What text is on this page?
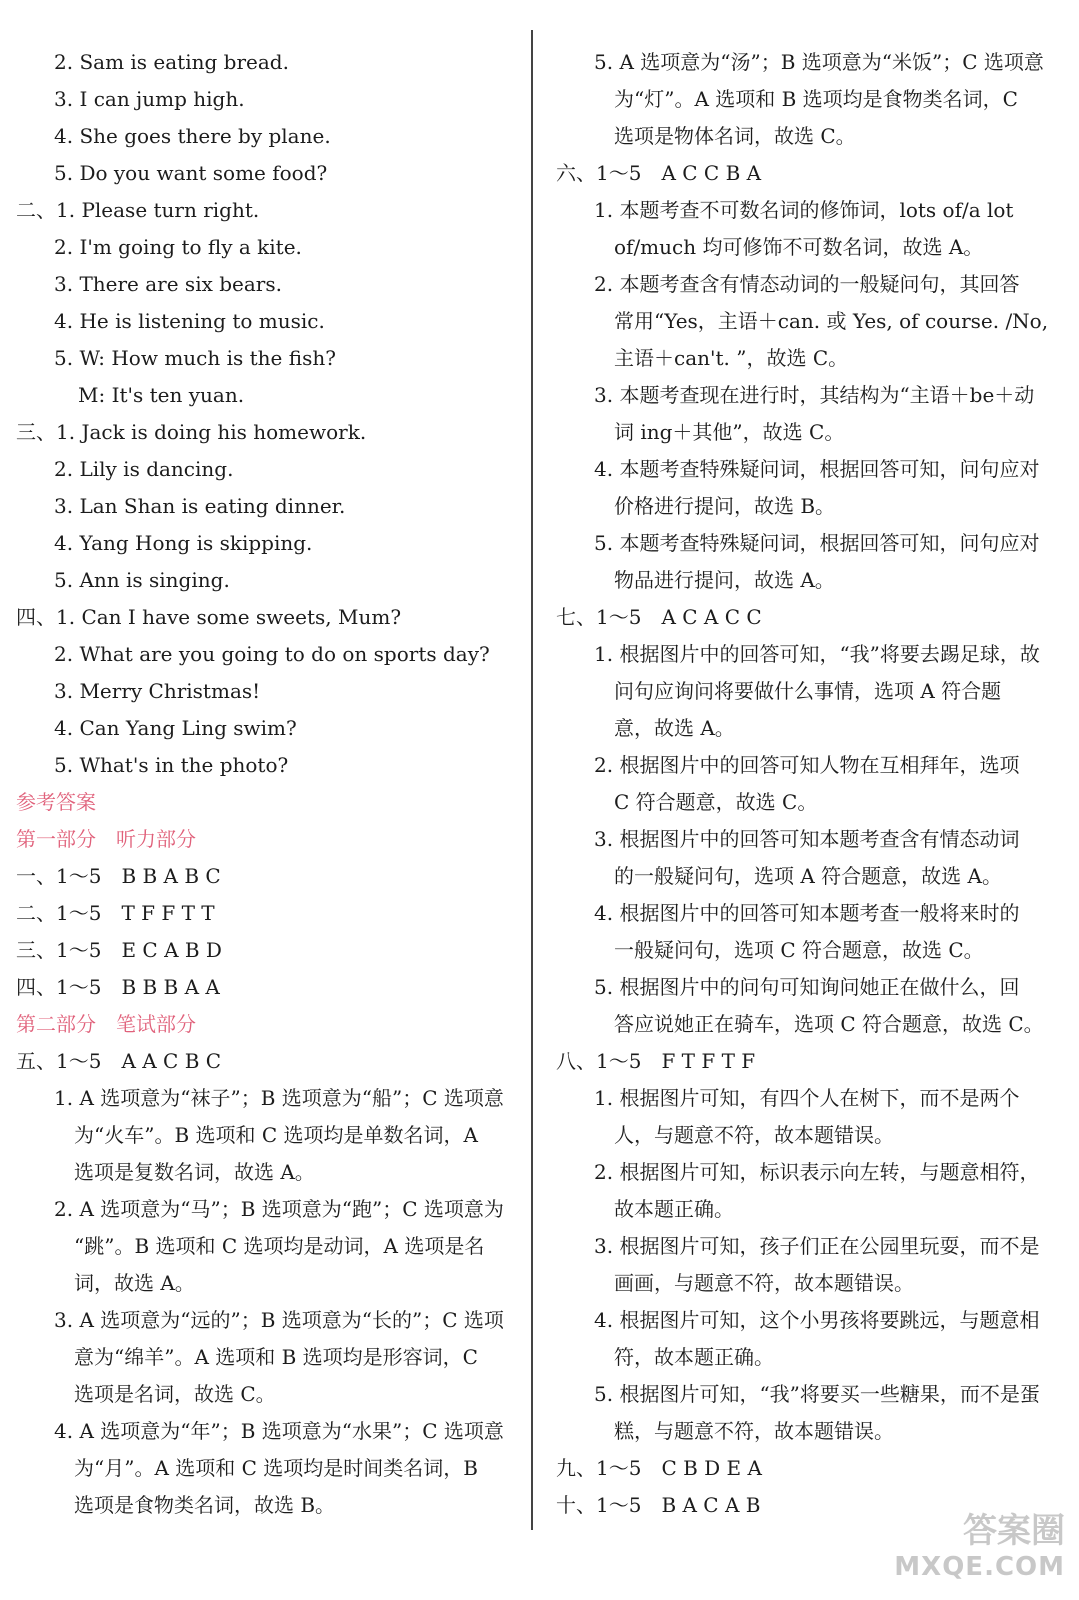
2. Sam is eating bread.
3. I can jump high.
4. She goes there by plane.
5. Do you want some food?
二、1. Please turn right.
2. I'm going to fly a kite.
3. There are six bears.
4. He is listening to music.
5. W: How much is the fish?
M: It's ten yuan.
三、1. Jack is doing his homework.
2. Lily is dancing.
3. Lan Shan is eating dinner.
4. Yang Hong is skipping.
5. Ann is singing.
四、1. Can I have some sweets, Mum?
2. What are you going to do on sports day?
3. Merry Christmas!
4. Can Yang Ling swim?
5. What's in the photo?
参考答案
第一部分　听力部分
一、1～5　B B A B C
二、1～5　T F F T T
三、1～5　E C A B D
四、1～5　B B B A A
第二部分　笔试部分
五、1～5　A A C B C
1. A 选项意为“袜子”；B 选项意为“船”；C 选项意
为“火车”。B 选项和 C 选项均是单数名词，A
选项是复数名词，故选 A。
2. A 选项意为“马”；B 选项意为“跑”；C 选项意为
“跳”。B 选项和 C 选项均是动词，A 选项是名
词，故选 A。
3. A 选项意为“远的”；B 选项意为“长的”；C 选项
意为“绵羊”。A 选项和 B 选项均是形容词，C
选项是名词，故选 C。
4. A 选项意为“年”；B 选项意为“水果”；C 选项意
为“月”。A 选项和 C 选项均是时间类名词，B
选项是食物类名词，故选 B。
5. A 选项意为“汤”；B 选项意为“米饭”；C 选项意
为“灯”。A 选项和 B 选项均是食物类名词，C
选项是物体名词，故选 C。
六、1～5　A C C B A
1. 本题考查不可数名词的修饰词，lots of/a lot
of/much 均可修饰不可数名词，故选 A。
2. 本题考查含有情态动词的一般疑问句，其回答
常用“Yes，主语＋can. 或 Yes, of course. /No,
主语＋can't. ”，故选 C。
3. 本题考查现在进行时，其结构为“主语＋be＋动
词 ing＋其他”，故选 C。
4. 本题考查特殊疑问词，根据回答可知，问句应对
价格进行提问，故选 B。
5. 本题考查特殊疑问词，根据回答可知，问句应对
物品进行提问，故选 A。
七、1～5　A C A C C
1. 根据图片中的回答可知，“我”将要去踢足球，故
问句应询问将要做什么事情，选项 A 符合题
意，故选 A。
2. 根据图片中的回答可知人物在互相拜年，选项
C 符合题意，故选 C。
3. 根据图片中的回答可知本题考查含有情态动词
的一般疑问句，选项 A 符合题意，故选 A。
4. 根据图片中的回答可知本题考查一般将来时的
一般疑问句，选项 C 符合题意，故选 C。
5. 根据图片中的问句可知询问她正在做什么，回
答应说她正在骑车，选项 C 符合题意，故选 C。
八、1～5　F T F T F
1. 根据图片可知，有四个人在树下，而不是两个
人，与题意不符，故本题错误。
2. 根据图片可知，标识表示向左转，与题意相符，
故本题正确。
3. 根据图片可知，孩子们正在公园里玩耍，而不是
画画，与题意不符，故本题错误。
4. 根据图片可知，这个小男孩将要跳远，与题意相
符，故本题正确。
5. 根据图片可知，“我”将要买一些糖果，而不是蛋
糕，与题意不符，故本题错误。
九、1～5　C B D E A
十、1～5　B A C A B
答案圈
MXQE.COM
